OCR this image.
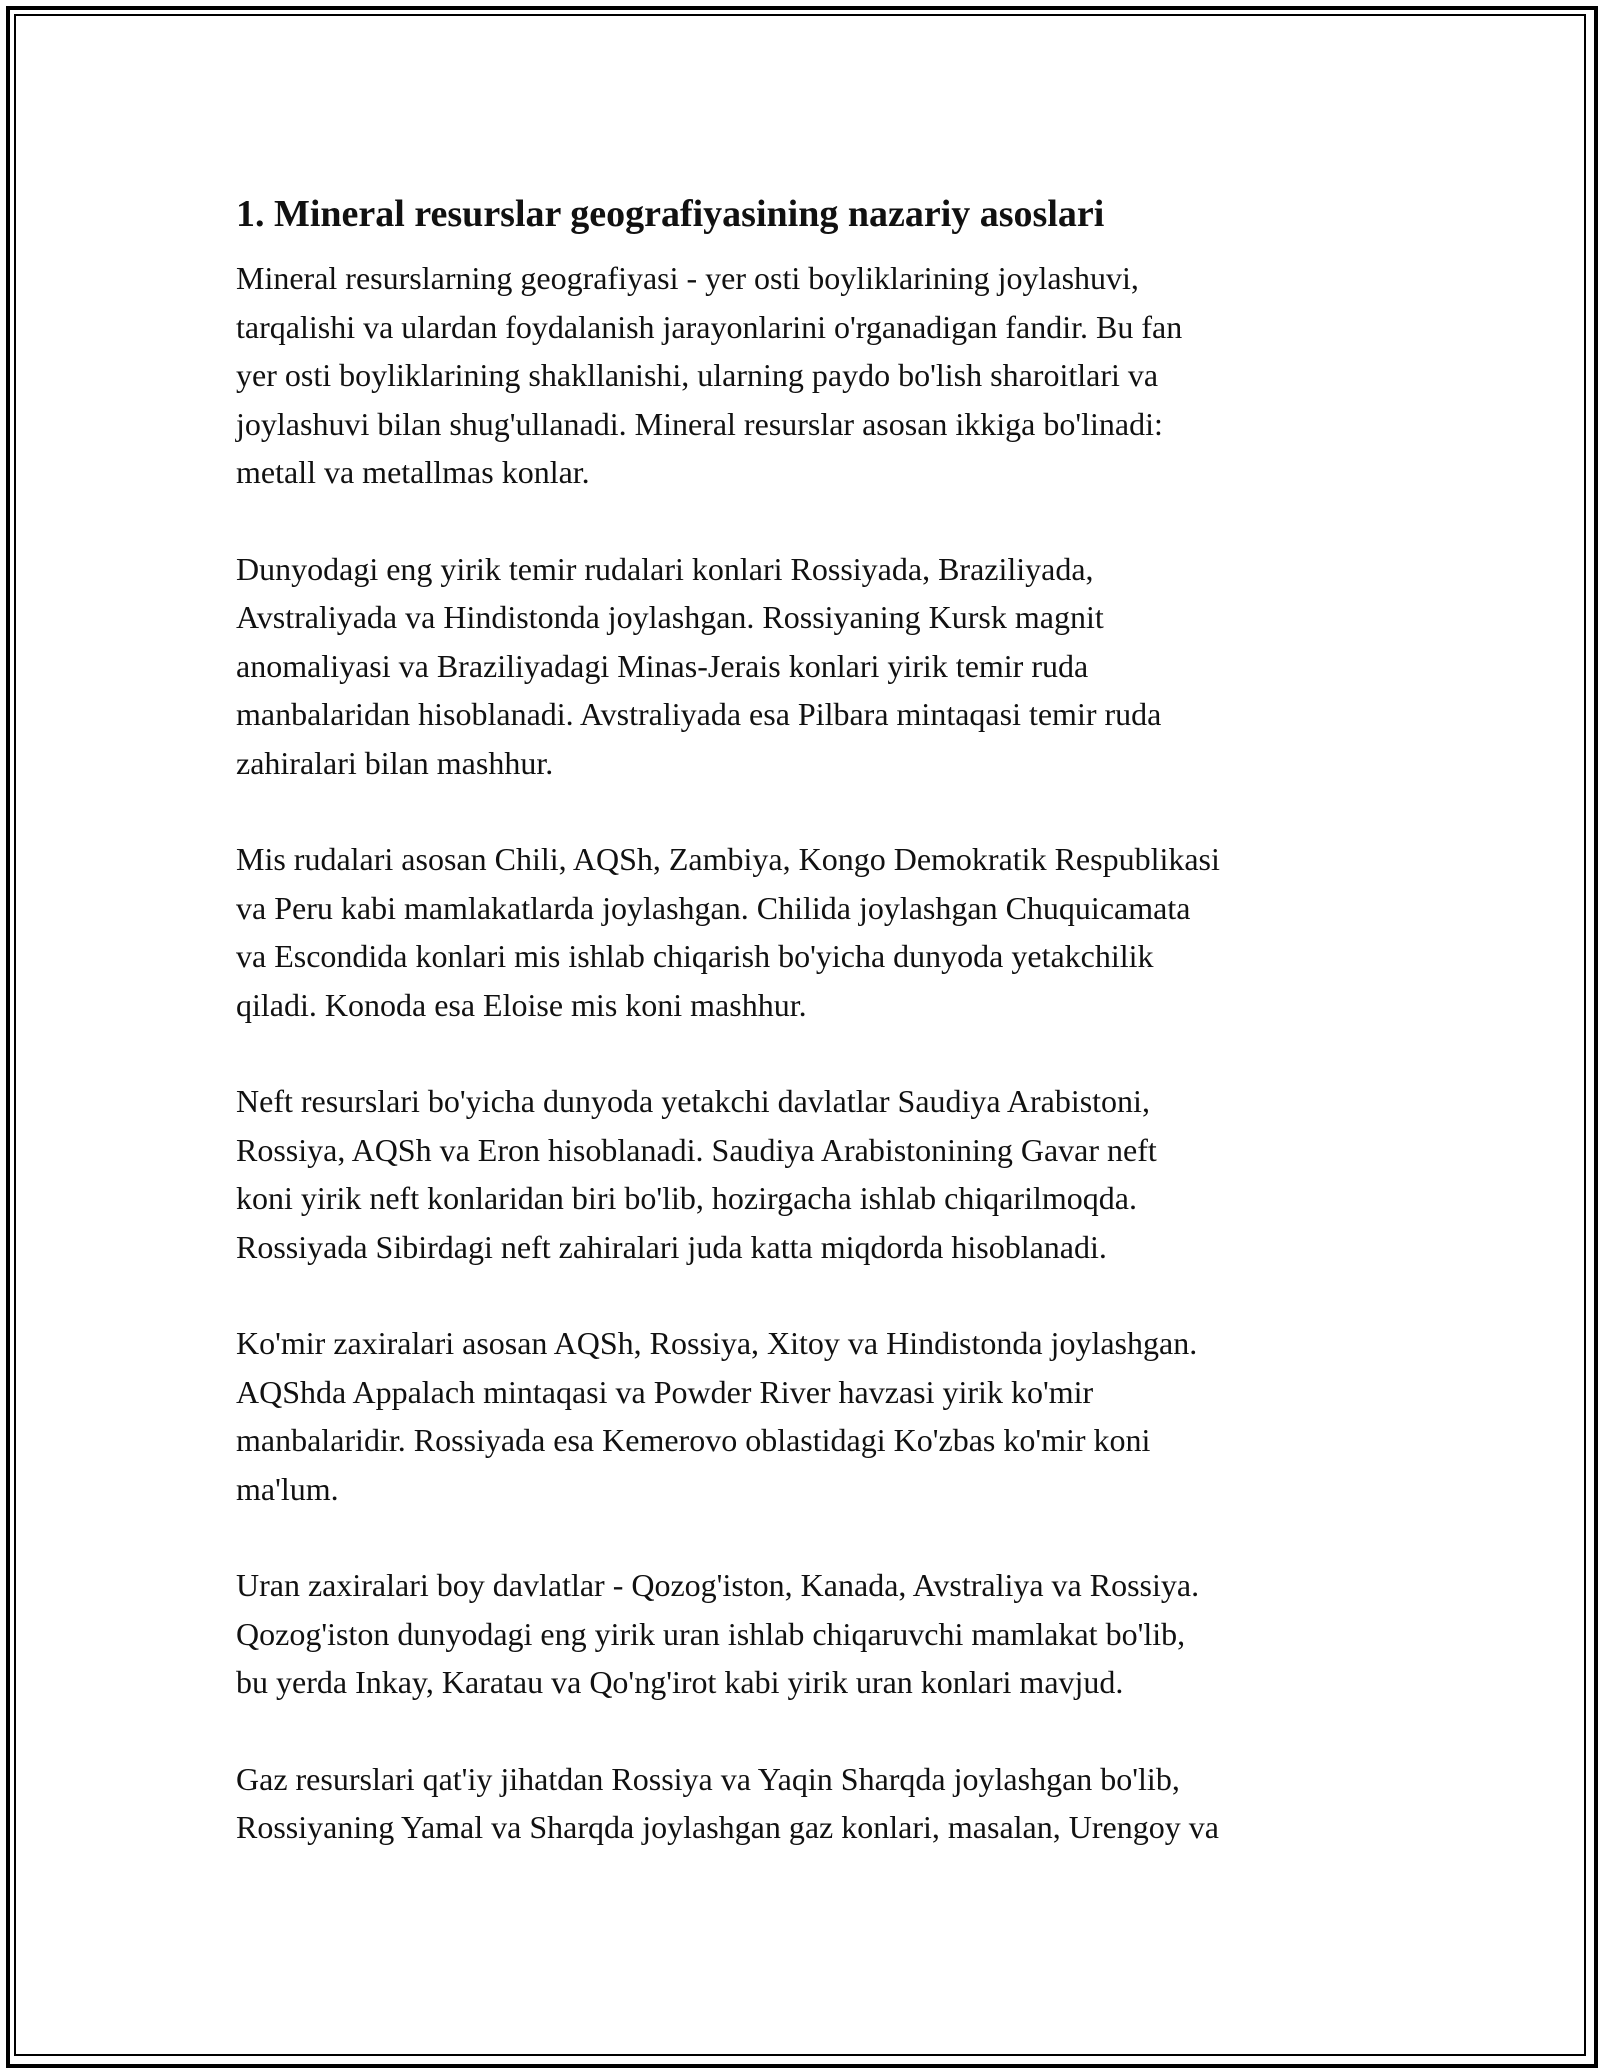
1. Mineral resurslar geografiyasining nazariy asoslari

Mineral resurslarning geografiyasi - yer osti boyliklarining joylashuvi,
tarqalishi va ulardan foydalanish jarayonlarini o'rganadigan fandir. Bu fan
yer osti boyliklarining shakllanishi, ularning paydo bo'lish sharoitlari va
joylashuvi bilan shug'ullanadi. Mineral resurslar asosan ikkiga bo'linadi:
metall va metallmas konlar.

Dunyodagi eng yirik temir rudalari konlari Rossiyada, Braziliyada,
Avstraliyada va Hindistonda joylashgan. Rossiyaning Kursk magnit
anomaliyasi va Braziliyadagi Minas-Jerais konlari yirik temir ruda
manbalaridan hisoblanadi. Avstraliyada esa Pilbara mintaqasi temir ruda
zahiralari bilan mashhur.

Mis rudalari asosan Chili, AQSh, Zambiya, Kongo Demokratik Respublikasi
va Peru kabi mamlakatlarda joylashgan. Chilida joylashgan Chuquicamata
va Escondida konlari mis ishlab chiqarish bo'yicha dunyoda yetakchilik
qiladi. Konoda esa Eloise mis koni mashhur.

Neft resurslari bo'yicha dunyoda yetakchi davlatlar Saudiya Arabistoni,
Rossiya, AQSh va Eron hisoblanadi. Saudiya Arabistonining Gavar neft
koni yirik neft konlaridan biri bo'lib, hozirgacha ishlab chiqarilmoqda.
Rossiyada Sibirdagi neft zahiralari juda katta miqdorda hisoblanadi.

Ko'mir zaxiralari asosan AQSh, Rossiya, Xitoy va Hindistonda joylashgan.
AQShda Appalach mintaqasi va Powder River havzasi yirik ko'mir
manbalaridir. Rossiyada esa Kemerovo oblastidagi Ko'zbas ko'mir koni
ma'lum.

Uran zaxiralari boy davlatlar - Qozog'iston, Kanada, Avstraliya va Rossiya.
Qozog'iston dunyodagi eng yirik uran ishlab chiqaruvchi mamlakat bo'lib,
bu yerda Inkay, Karatau va Qo'ng'irot kabi yirik uran konlari mavjud.

Gaz resurslari qat'iy jihatdan Rossiya va Yaqin Sharqda joylashgan bo'lib,
Rossiyaning Yamal va Sharqda joylashgan gaz konlari, masalan, Urengoy va
